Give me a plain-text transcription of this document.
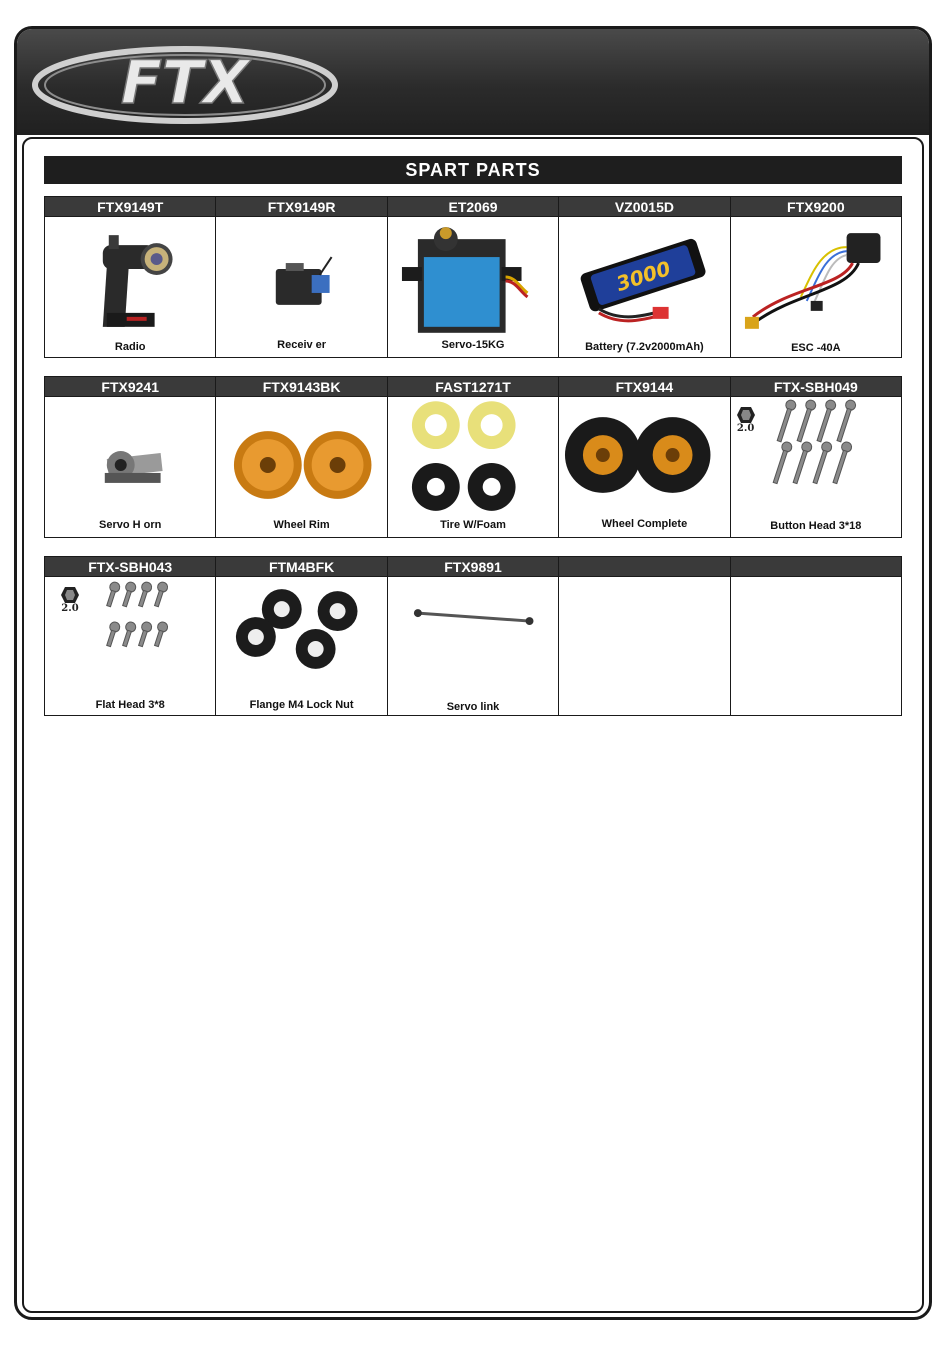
FTX
SPART PARTS
FTX9149T
Radio
FTX9149R
Receiv er
ET2069
Servo-15KG
VZ0015D
3000
Battery (7.2v2000mAh)
FTX9200
ESC -40A
FTX9241
Servo H orn
FTX9143BK
Wheel Rim
FAST1271T
Tire W/Foam
FTX9144
Wheel Complete
FTX-SBH049
2.0
Button Head 3*18
FTX-SBH043
2.0
Flat Head 3*8
FTM4BFK
Flange M4 Lock Nut
FTX9891
Servo link
